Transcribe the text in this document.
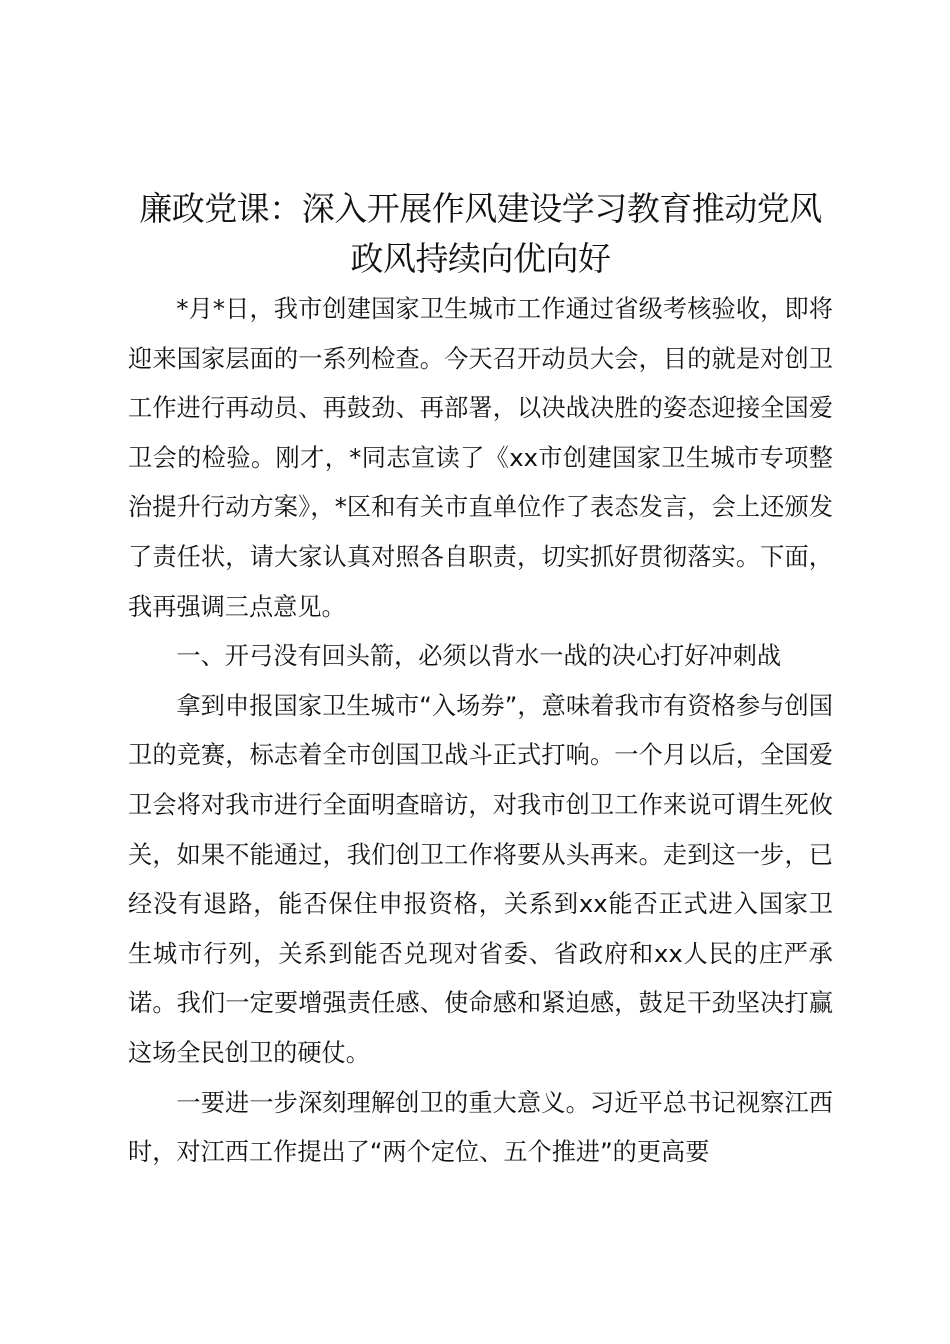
廉政党课：深入开展作风建设学习教育推动党风政风持续向优向好

*月*日，我市创建国家卫生城市工作通过省级考核验收，即将迎来国家层面的一系列检查。今天召开动员大会，目的就是对创卫工作进行再动员、再鼓劲、再部署，以决战决胜的姿态迎接全国爱卫会的检验。刚才，*同志宣读了《xx市创建国家卫生城市专项整治提升行动方案》，*区和有关市直单位作了表态发言，会上还颁发了责任状，请大家认真对照各自职责，切实抓好贯彻落实。下面，我再强调三点意见。

一、开弓没有回头箭，必须以背水一战的决心打好冲刺战

拿到申报国家卫生城市“入场券”，意味着我市有资格参与创国卫的竞赛，标志着全市创国卫战斗正式打响。一个月以后，全国爱卫会将对我市进行全面明查暗访，对我市创卫工作来说可谓生死攸关，如果不能通过，我们创卫工作将要从头再来。走到这一步，已经没有退路，能否保住申报资格，关系到xx能否正式进入国家卫生城市行列，关系到能否兑现对省委、省政府和xx人民的庄严承诺。我们一定要增强责任感、使命感和紧迫感，鼓足干劲坚决打赢这场全民创卫的硬仗。

一要进一步深刻理解创卫的重大意义。习近平总书记视察江西时，对江西工作提出了“两个定位、五个推进”的更高要
